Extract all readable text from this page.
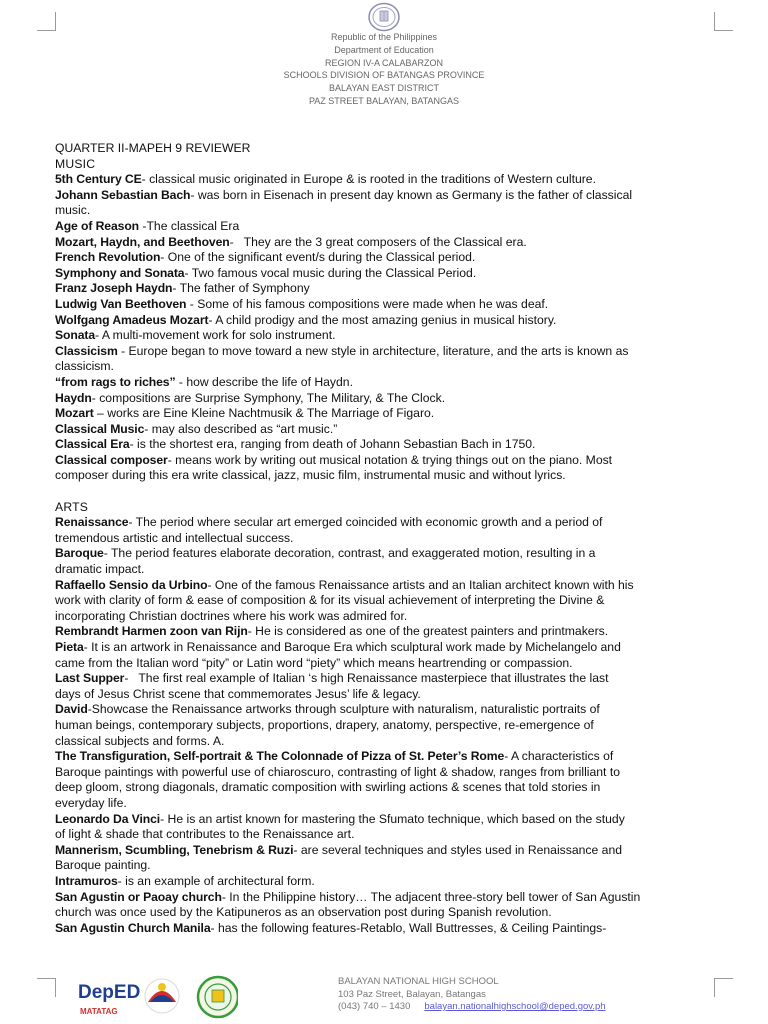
Republic of the Philippines
Department of Education
REGION IV-A CALABARZON
SCHOOLS DIVISION OF BATANGAS PROVINCE
BALAYAN EAST DISTRICT
PAZ STREET BALAYAN, BATANGAS
QUARTER II-MAPEH 9 REVIEWER
MUSIC
5th Century CE- classical music originated in Europe & is rooted in the traditions of Western culture.
Johann Sebastian Bach- was born in Eisenach in present day known as Germany is the father of classical
music.
Age of Reason -The classical Era
Mozart, Haydn, and Beethoven-   They are the 3 great composers of the Classical era.
French Revolution- One of the significant event/s during the Classical period.
Symphony and Sonata- Two famous vocal music during the Classical Period.
Franz Joseph Haydn- The father of Symphony
Ludwig Van Beethoven - Some of his famous compositions were made when he was deaf.
Wolfgang Amadeus Mozart- A child prodigy and the most amazing genius in musical history.
Sonata- A multi-movement work for solo instrument.
Classicism - Europe began to move toward a new style in architecture, literature, and the arts is known as
classicism.
“from rags to riches” - how describe the life of Haydn.
Haydn- compositions are Surprise Symphony, The Military, & The Clock.
Mozart – works are Eine Kleine Nachtmusik & The Marriage of Figaro.
Classical Music- may also described as “art music.”
Classical Era- is the shortest era, ranging from death of Johann Sebastian Bach in 1750.
Classical composer- means work by writing out musical notation & trying things out on the piano. Most
composer during this era write classical, jazz, music film, instrumental music and without lyrics.
ARTS
Renaissance- The period where secular art emerged coincided with economic growth and a period of
tremendous artistic and intellectual success.
Baroque- The period features elaborate decoration, contrast, and exaggerated motion, resulting in a
dramatic impact.
Raffaello Sensio da Urbino- One of the famous Renaissance artists and an Italian architect known with his
work with clarity of form & ease of composition & for its visual achievement of interpreting the Divine &
incorporating Christian doctrines where his work was admired for.
Rembrandt Harmen zoon van Rijn- He is considered as one of the greatest painters and printmakers.
Pieta- It is an artwork in Renaissance and Baroque Era which sculptural work made by Michelangelo and
came from the Italian word “pity” or Latin word “piety” which means heartrending or compassion.
Last Supper-   The first real example of Italian ‘s high Renaissance masterpiece that illustrates the last
days of Jesus Christ scene that commemorates Jesus’ life & legacy.
David-Showcase the Renaissance artworks through sculpture with naturalism, naturalistic portraits of
human beings, contemporary subjects, proportions, drapery, anatomy, perspective, re-emergence of
classical subjects and forms. A.
The Transfiguration, Self-portrait & The Colonnade of Pizza of St. Peter’s Rome- A characteristics of
Baroque paintings with powerful use of chiaroscuro, contrasting of light & shadow, ranges from brilliant to
deep gloom, strong diagonals, dramatic composition with swirling actions & scenes that told stories in
everyday life.
Leonardo Da Vinci- He is an artist known for mastering the Sfumato technique, which based on the study
of light & shade that contributes to the Renaissance art.
Mannerism, Scumbling, Tenebrism & Ruzi- are several techniques and styles used in Renaissance and
Baroque painting.
Intramuros- is an example of architectural form.
San Agustin or Paoay church- In the Philippine history… The adjacent three-story bell tower of San Agustin
church was once used by the Katipuneros as an observation post during Spanish revolution.
San Agustin Church Manila- has the following features-Retablo, Wall Buttresses, & Ceiling Paintings-
DepED
MATATAG
BALAYAN NATIONAL HIGH SCHOOL
103 Paz Street, Balayan, Batangas
(043) 740 – 1430 balayan.nationalhighschool@deped.gov.ph
